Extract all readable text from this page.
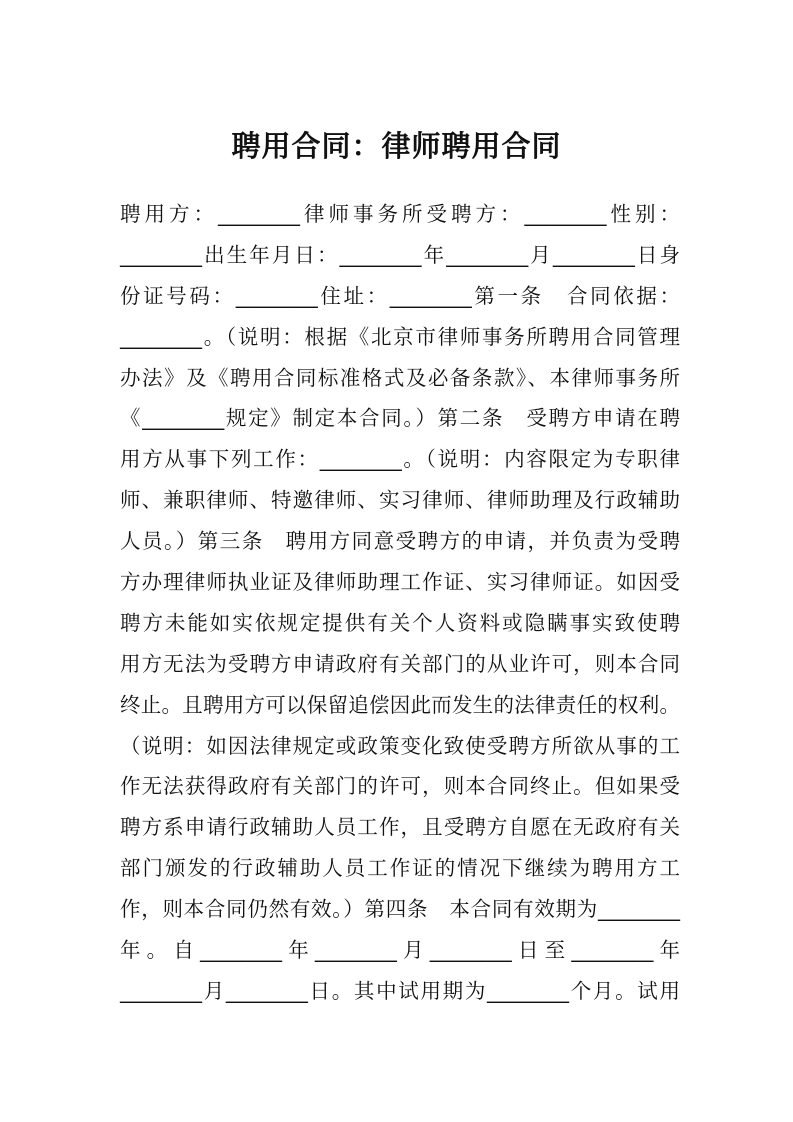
聘用合同：律师聘用合同
聘用方：________律师事务所受聘方：________性别：
________出生年月日：________年________月________日身
份证号码：________住址：________第一条　合同依据：
________。（说明：根据《北京市律师事务所聘用合同管理
办法》及《聘用合同标准格式及必备条款》、本律师事务所
《________规定》制定本合同。）第二条　受聘方申请在聘
用方从事下列工作：________。（说明：内容限定为专职律
师、兼职律师、特邀律师、实习律师、律师助理及行政辅助
人员。）第三条　聘用方同意受聘方的申请，并负责为受聘
方办理律师执业证及律师助理工作证、实习律师证。如因受
聘方未能如实依规定提供有关个人资料或隐瞒事实致使聘
用方无法为受聘方申请政府有关部门的从业许可，则本合同
终止。且聘用方可以保留追偿因此而发生的法律责任的权利。
（说明：如因法律规定或政策变化致使受聘方所欲从事的工
作无法获得政府有关部门的许可，则本合同终止。但如果受
聘方系申请行政辅助人员工作，且受聘方自愿在无政府有关
部门颁发的行政辅助人员工作证的情况下继续为聘用方工
作，则本合同仍然有效。）第四条　本合同有效期为________
年。自________年________月________日至________年
________月________日。其中试用期为________个月。试用
